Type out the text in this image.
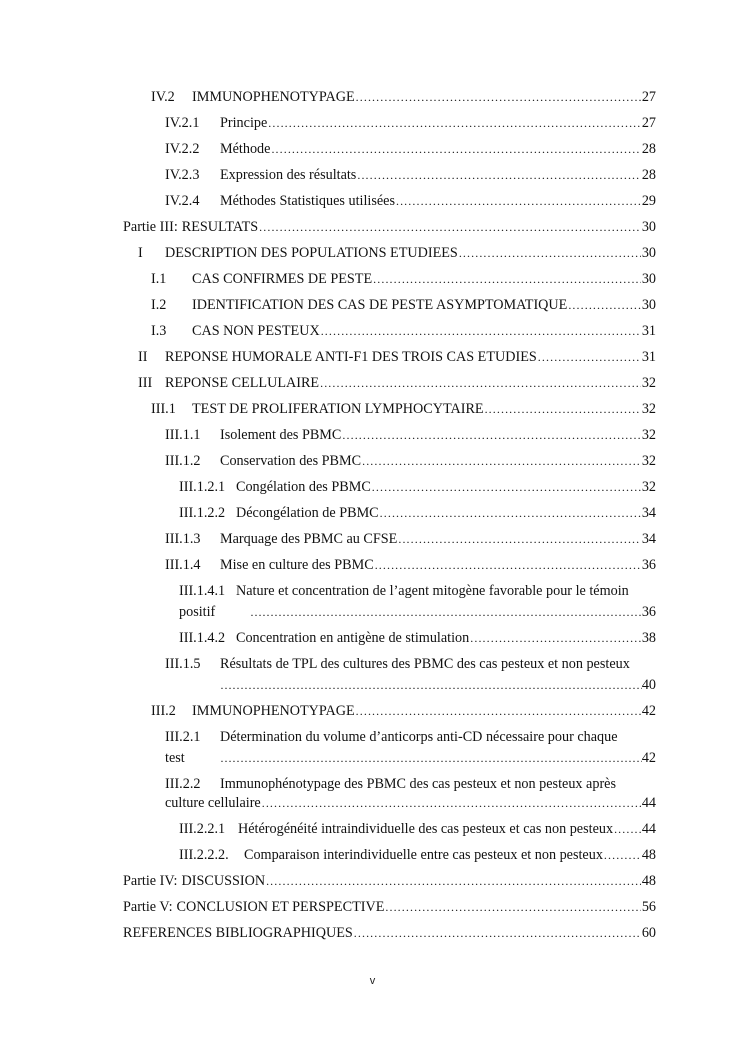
IV.2	IMMUNOPHENOTYPAGE .....	27
IV.2.1	Principe .....	27
IV.2.2	Méthode .....	28
IV.2.3	Expression des résultats .....	28
IV.2.4	Méthodes Statistiques utilisées .....	29
Partie III: RESULTATS .....	30
I	DESCRIPTION DES POPULATIONS ETUDIEES .....	30
I.1	CAS CONFIRMES DE PESTE .....	30
I.2	IDENTIFICATION DES CAS DE PESTE ASYMPTOMATIQUE .....	30
I.3	CAS NON PESTEUX .....	31
II	REPONSE HUMORALE ANTI-F1 DES TROIS CAS ETUDIES .....	31
III REPONSE CELLULAIRE .....	32
III.1	TEST DE PROLIFERATION LYMPHOCYTAIRE .....	32
III.1.1	Isolement des PBMC .....	32
III.1.2	Conservation des PBMC .....	32
III.1.2.1 Congélation des PBMC .....	32
III.1.2.2 Décongélation de PBMC .....	34
III.1.3	Marquage des PBMC au CFSE .....	34
III.1.4	Mise en culture des PBMC .....	36
III.1.4.1 Nature et concentration de l’agent mitogène favorable pour le témoin
positif ……………………………………………………………………………………………………………………………………………………………………	36
III.1.4.2 Concentration en antigène de stimulation .....	38
III.1.5 Résultats de TPL des cultures des PBMC des cas pesteux et non pesteux
……………………………………………………………………………………………………………………………………………………………………
40
III.2	IMMUNOPHENOTYPAGE .....	42
III.2.1 Détermination du volume d’anticorps anti-CD nécessaire pour chaque
test ……………………………………………………………………………………………………………………………………………………………………	42
III.2.2 Immunophénotypage des PBMC des cas pesteux et non pesteux après
culture cellulaire .....	44
III.2.2.1 Hétérogénéité intraindividuelle des cas pesteux et cas non pesteux ..... 44
III.2.2.2.	Comparaison interindividuelle entre cas pesteux et non pesteux .....	48
Partie IV: DISCUSSION .....	48
Partie V: CONCLUSION ET PERSPECTIVE .....	56
REFERENCES BIBLIOGRAPHIQUES .....	60
v
